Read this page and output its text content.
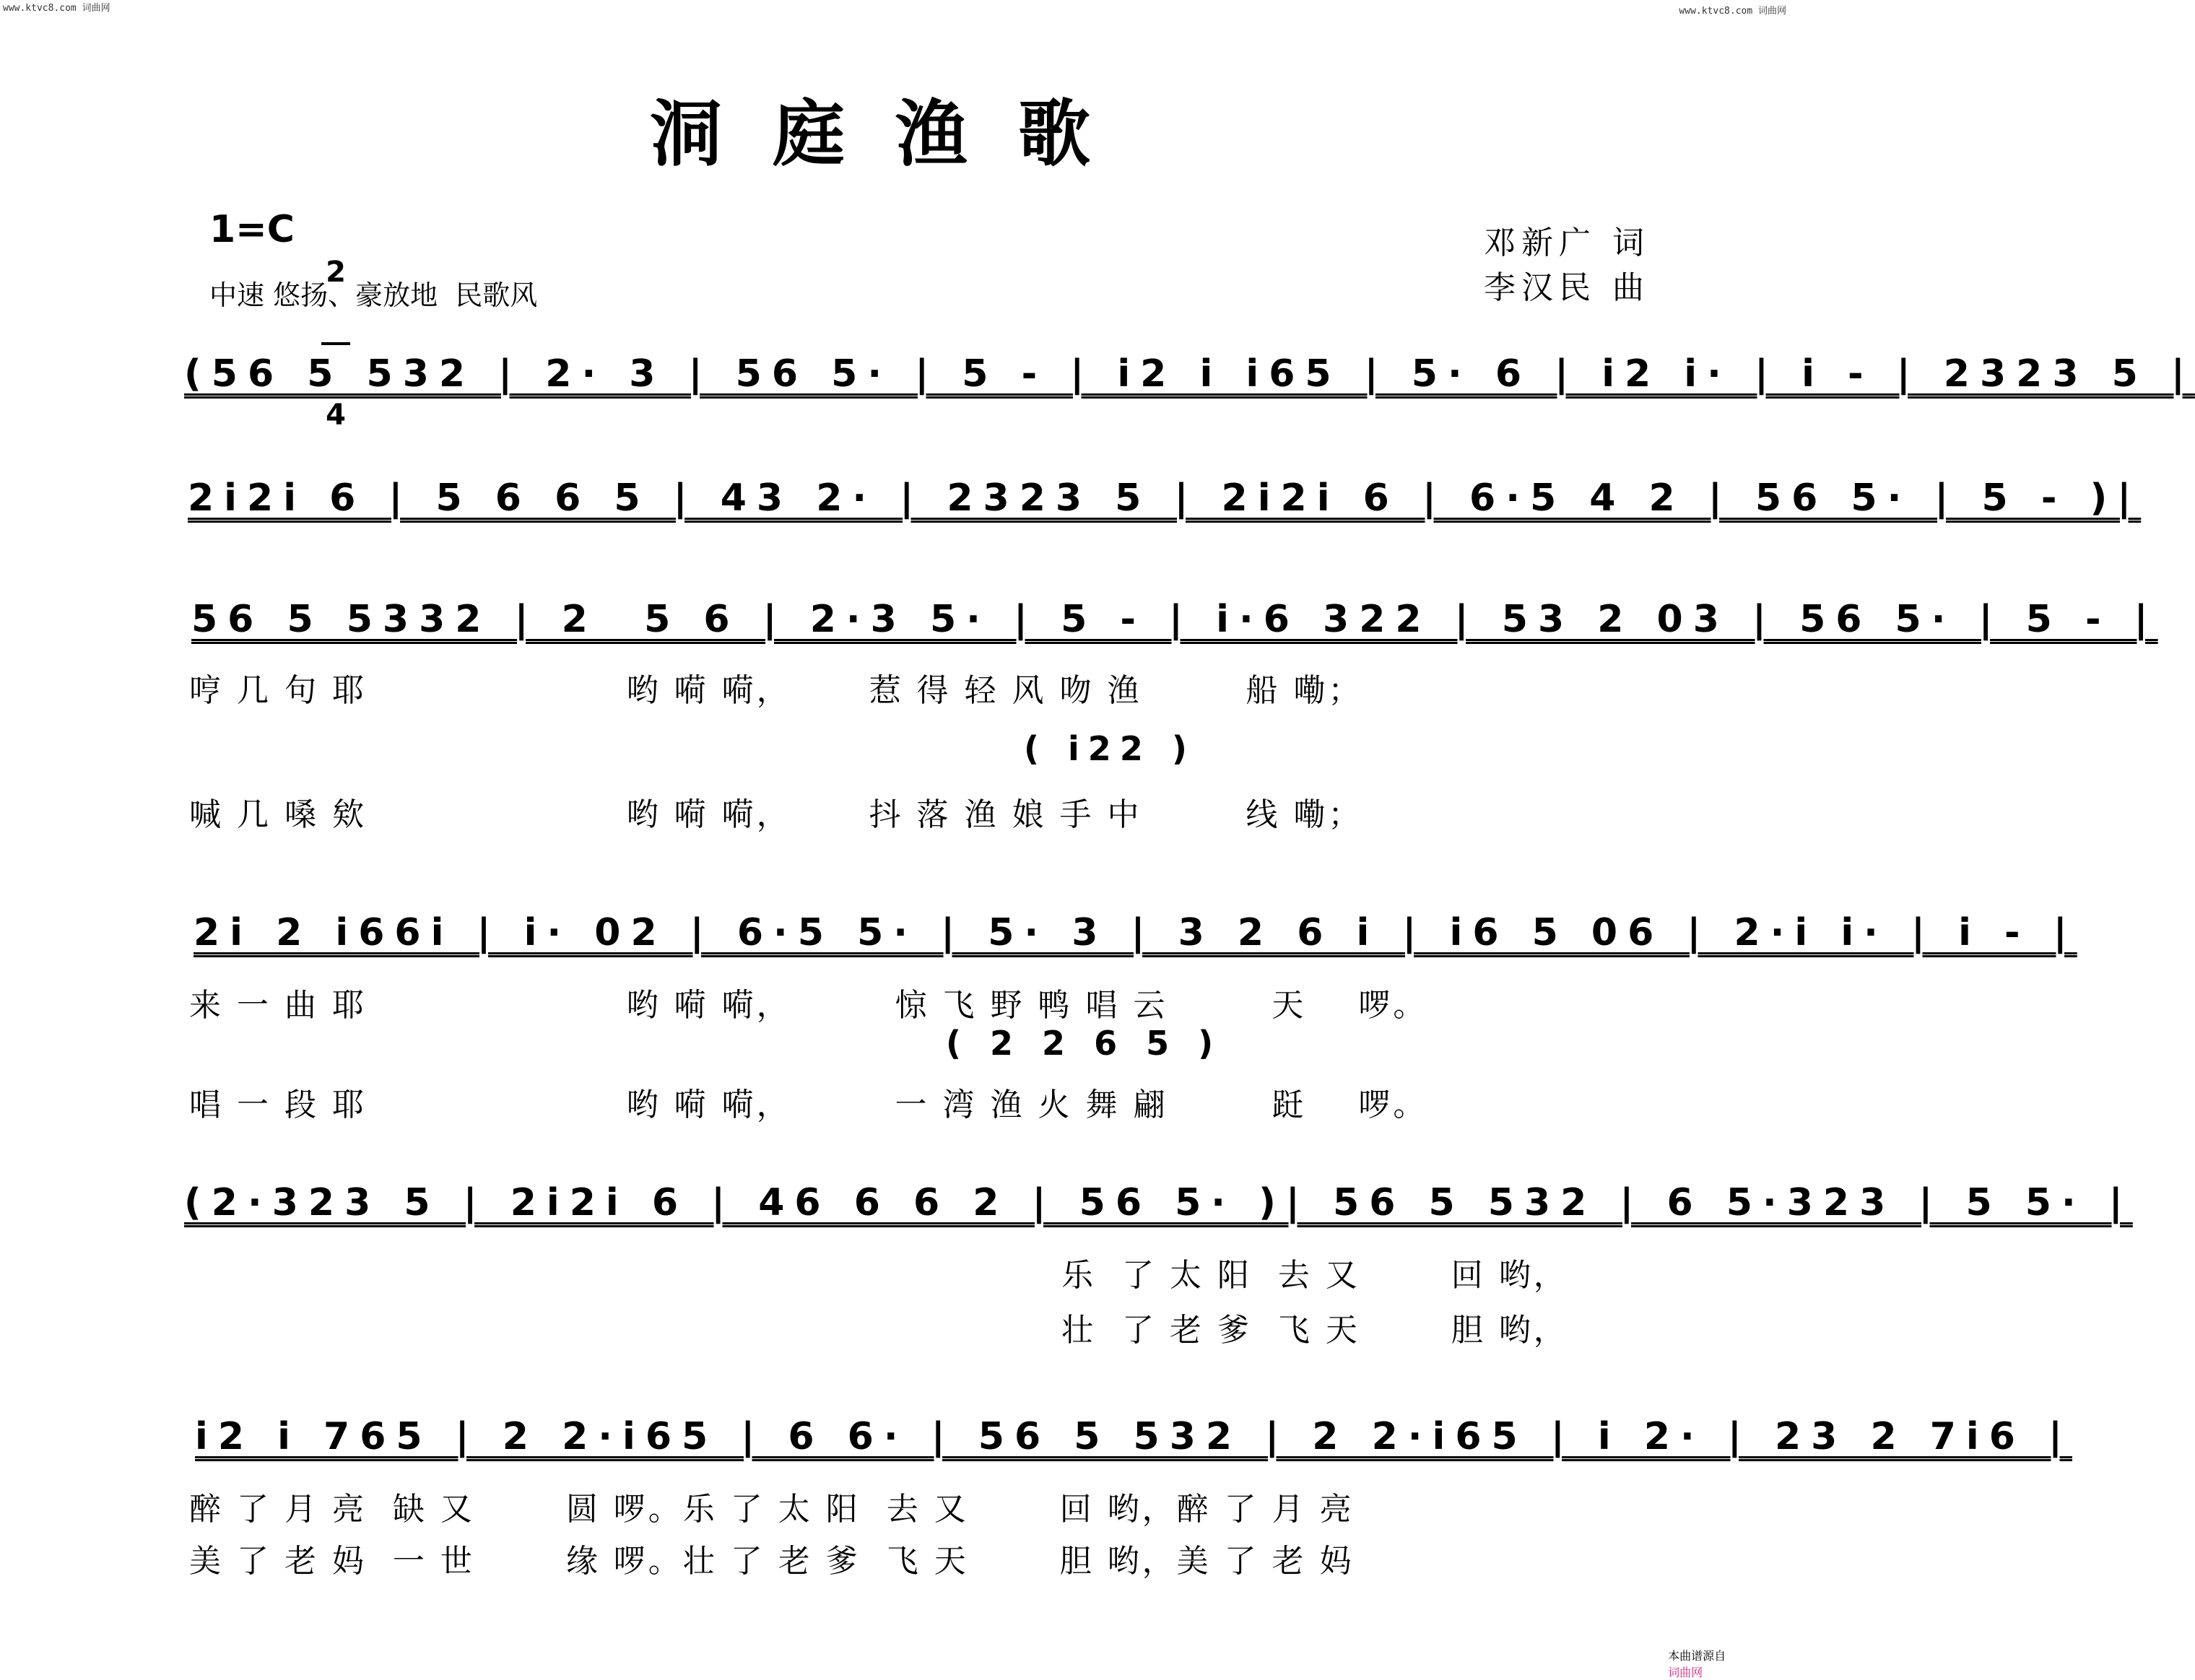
www.ktvc8.com 词曲网	www.ktvc8.com 词曲网
洞庭渔歌
1=C

2

4

中速 悠扬、豪放地  民歌风
邓新广 词
李汉民 曲
(56 5 532 | 2· 3 | 56 5· | 5 - | i2 i i65 | 5· 6 | i2 i· | i - | 2323 5 |
2i2i 6 | 5 6 6 5 | 43 2· | 2323 5 | 2i2i 6 | 6·5 4 2 | 56 5· | 5 - )|
56 5 5332 | 2  5 6 | 2·3 5· | 5 - | i·6 322 | 53 2 03 | 56 5· | 5 - |
哼 几 句 耶                    哟 嗬 嗬，      惹 得 轻 风 吻 渔        船 嘞；
( i22 )
喊 几 嗓 欸                    哟 嗬 嗬，      抖 落 渔 娘 手 中        线 嘞；
2i 2 i66i | i· 02 | 6·5 5· | 5· 3 | 3 2 6 i | i6 5 06 | 2·i i· | i - |
来 一 曲 耶                    哟 嗬 嗬，        惊 飞 野 鸭 唱 云        天    啰。
( 2 2 6 5 )
唱 一 段 耶                    哟 嗬 嗬，        一 湾 渔 火 舞 翩        跹    啰。
(2·323 5 | 2i2i 6 | 46 6 6 2 | 56 5· )| 56 5 532 | 6 5·323 | 5 5· |
乐  了 太 阳  去 又       回 哟，
壮  了 老 爹  飞 天       胆 哟，
i2 i 765 | 2 2·i65 | 6 6· | 56 5 532 | 2 2·i65 | i 2· | 23 2 7i6 |
醉 了 月 亮  缺 又       圆 啰。乐 了 太 阳  去 又       回 哟，醉 了 月 亮
美 了 老 妈  一 世       缘 啰。壮 了 老 爹  飞 天       胆 哟，美 了 老 妈

本曲谱源自
词曲网
